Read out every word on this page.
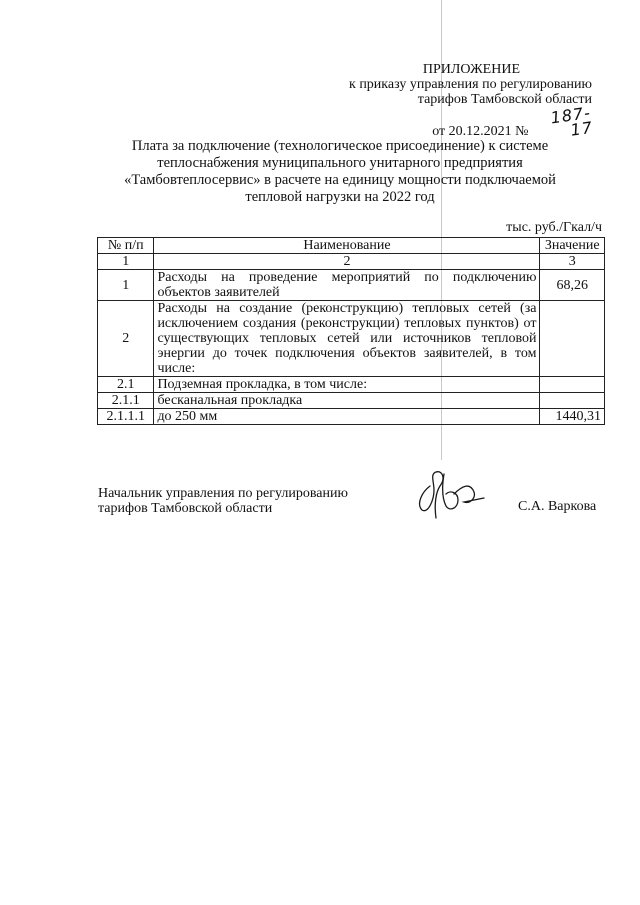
ПРИЛОЖЕНИЕ
к приказу управления по регулированию
тарифов Тамбовской области
от 20.12.2021 № 187-17
Плата за подключение (технологическое присоединение) к системе
теплоснабжения муниципального унитарного предприятия
«Тамбовтеплосервис» в расчете на единицу мощности подключаемой
тепловой нагрузки на 2022 год
тыс. руб./Гкал/ч
№ п/п	Наименование	Значение
1	2	3
1	Расходы на проведение мероприятий по подключению объектов заявителей	68,26
2	Расходы на создание (реконструкцию) тепловых сетей (за исключением создания (реконструкции) тепловых пунктов) от существующих тепловых сетей или источников тепловой энергии до точек подключения объектов заявителей, в том числе:	
2.1	Подземная прокладка, в том числе:	
2.1.1	бесканальная прокладка	
2.1.1.1	до 250 мм	1440,31
Начальник управления по регулированию
тарифов Тамбовской области	С.А. Варкова
